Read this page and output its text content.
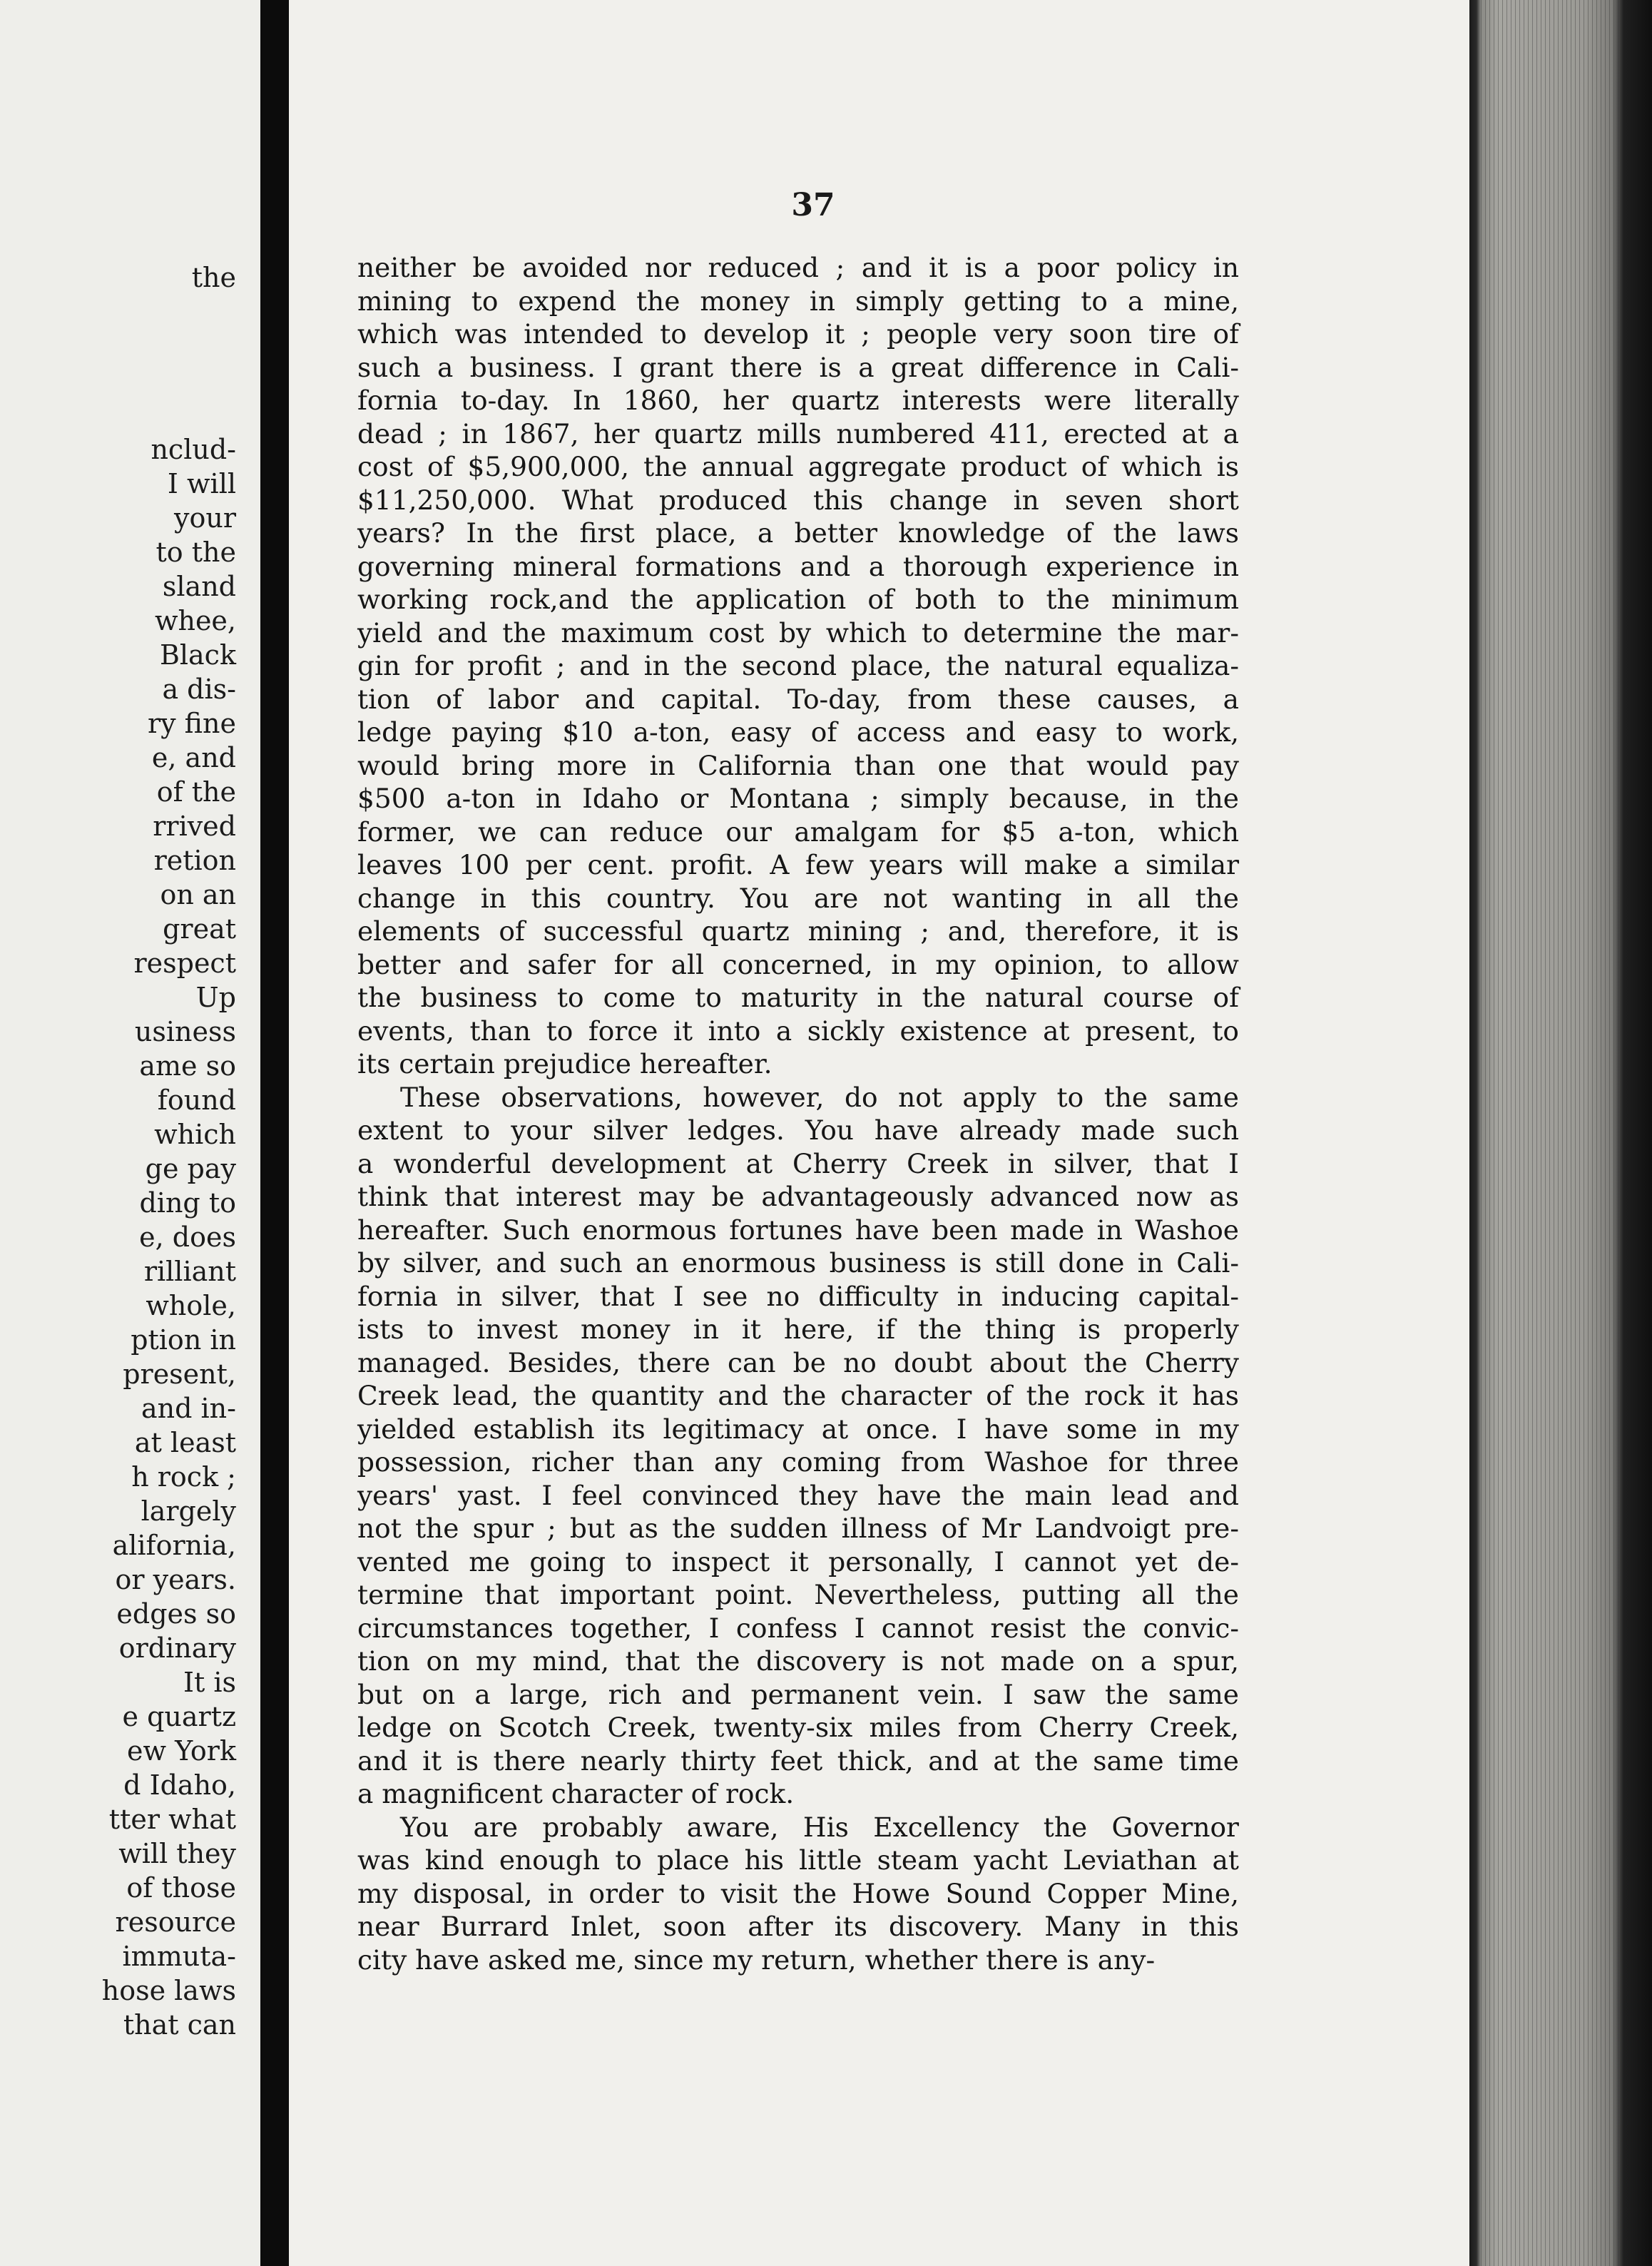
the
nclud-
I will
your
to the
sland
whee,
Black
a dis-
ry fine
e, and
of the
rrived
retion
on an
great
respect
Up
usiness
ame so
found
which
ge pay
ding to
e, does
rilliant
whole,
ption in
present,
and in-
at least
h rock ;
largely
alifornia,
or years.
edges so
ordinary
It is
e quartz
ew York
d Idaho,
tter what
will they
of those
resource
immuta-
hose laws
that can
37
neither be avoided nor reduced ; and it is a poor policy in
mining to expend the money in simply getting to a mine,
which was intended to develop it ; people very soon tire of
such a business. I grant there is a great difference in Cali-
fornia to-day. In 1860, her quartz interests were literally
dead ; in 1867, her quartz mills numbered 411, erected at a
cost of $5,900,000, the annual aggregate product of which is
$11,250,000. What produced this change in seven short
years? In the first place, a better knowledge of the laws
governing mineral formations and a thorough experience in
working rock,and the application of both to the minimum
yield and the maximum cost by which to determine the mar-
gin for profit ; and in the second place, the natural equaliza-
tion of labor and capital. To-day, from these causes, a
ledge paying $10 a-ton, easy of access and easy to work,
would bring more in California than one that would pay
$500 a-ton in Idaho or Montana ; simply because, in the
former, we can reduce our amalgam for $5 a-ton, which
leaves 100 per cent. profit. A few years will make a similar
change in this country. You are not wanting in all the
elements of successful quartz mining ; and, therefore, it is
better and safer for all concerned, in my opinion, to allow
the business to come to maturity in the natural course of
events, than to force it into a sickly existence at present, to
its certain prejudice hereafter.
These observations, however, do not apply to the same
extent to your silver ledges. You have already made such
a wonderful development at Cherry Creek in silver, that I
think that interest may be advantageously advanced now as
hereafter. Such enormous fortunes have been made in Washoe
by silver, and such an enormous business is still done in Cali-
fornia in silver, that I see no difficulty in inducing capital-
ists to invest money in it here, if the thing is properly
managed. Besides, there can be no doubt about the Cherry
Creek lead, the quantity and the character of the rock it has
yielded establish its legitimacy at once. I have some in my
possession, richer than any coming from Washoe for three
years' yast. I feel convinced they have the main lead and
not the spur ; but as the sudden illness of Mr Landvoigt pre-
vented me going to inspect it personally, I cannot yet de-
termine that important point. Nevertheless, putting all the
circumstances together, I confess I cannot resist the convic-
tion on my mind, that the discovery is not made on a spur,
but on a large, rich and permanent vein. I saw the same
ledge on Scotch Creek, twenty-six miles from Cherry Creek,
and it is there nearly thirty feet thick, and at the same time
a magnificent character of rock.
You are probably aware, His Excellency the Governor
was kind enough to place his little steam yacht Leviathan at
my disposal, in order to visit the Howe Sound Copper Mine,
near Burrard Inlet, soon after its discovery. Many in this
city have asked me, since my return, whether there is any-
